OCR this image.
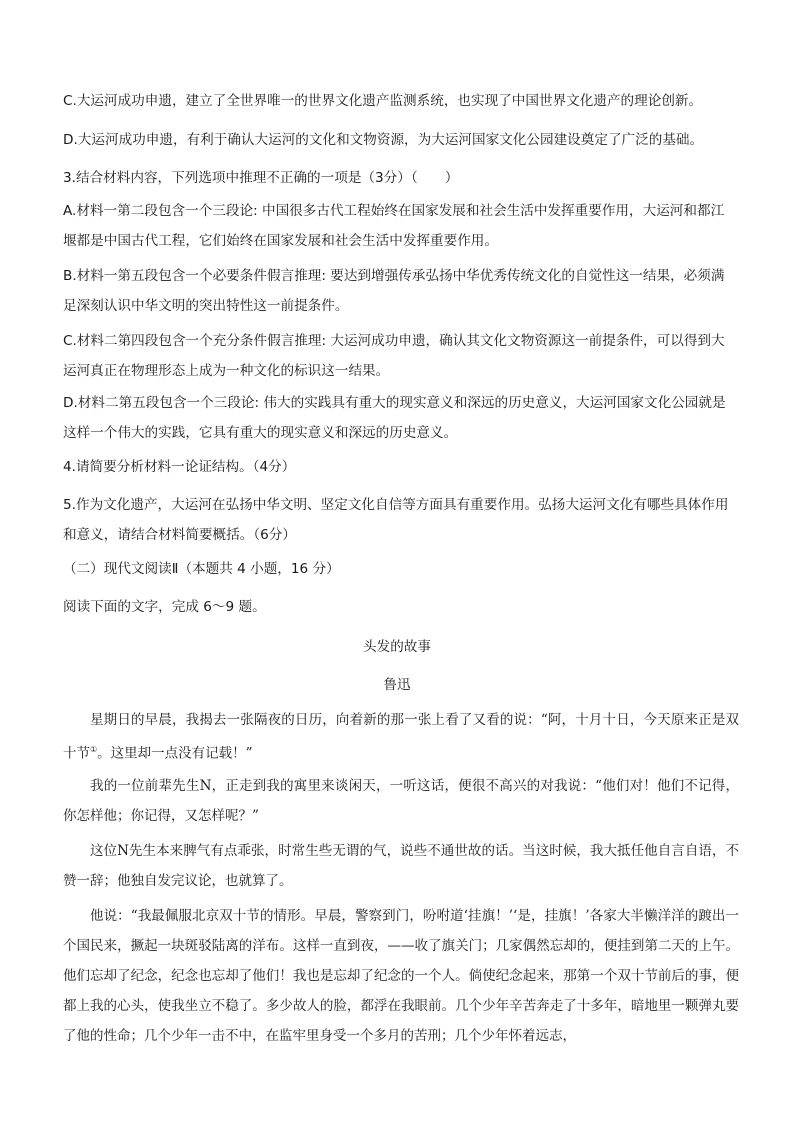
C.大运河成功申遗，建立了全世界唯一的世界文化遗产监测系统，也实现了中国世界文化遗产的理论创新。

D.大运河成功申遗，有利于确认大运河的文化和文物资源，为大运河国家文化公园建设奠定了广泛的基础。

3.结合材料内容，下列选项中推理不正确的一项是（3分）（　　）

A.材料一第二段包含一个三段论: 中国很多古代工程始终在国家发展和社会生活中发挥重要作用，大运河和都江堰都是中国古代工程，它们始终在国家发展和社会生活中发挥重要作用。

B.材料一第五段包含一个必要条件假言推理: 要达到增强传承弘扬中华优秀传统文化的自觉性这一结果，必须满足深刻认识中华文明的突出特性这一前提条件。

C.材料二第四段包含一个充分条件假言推理: 大运河成功申遗，确认其文化文物资源这一前提条件，可以得到大运河真正在物理形态上成为一种文化的标识这一结果。

D.材料二第五段包含一个三段论: 伟大的实践具有重大的现实意义和深远的历史意义，大运河国家文化公园就是这样一个伟大的实践，它具有重大的现实意义和深远的历史意义。

4.请简要分析材料一论证结构。（4分）

5.作为文化遗产，大运河在弘扬中华文明、坚定文化自信等方面具有重要作用。弘扬大运河文化有哪些具体作用和意义，请结合材料简要概括。（6分）

（二）现代文阅读Ⅱ（本题共 4 小题，16 分）

阅读下面的文字，完成 6～9 题。

头发的故事

鲁迅

星期日的早晨，我揭去一张隔夜的日历，向着新的那一张上看了又看的说：“阿，十月十日，今天原来正是双十节①。这里却一点没有记载！”

我的一位前辈先生N，正走到我的寓里来谈闲天，一听这话，便很不高兴的对我说：“他们对！他们不记得，你怎样他；你记得，又怎样呢？”

这位N先生本来脾气有点乖张，时常生些无谓的气，说些不通世故的话。当这时候，我大抵任他自言自语，不赞一辞；他独自发完议论，也就算了。

他说：“我最佩服北京双十节的情形。早晨，警察到门，吩咐道‘挂旗！’‘是，挂旗！’各家大半懒洋洋的踱出一个国民来，撅起一块斑驳陆离的洋布。这样一直到夜，——收了旗关门；几家偶然忘却的，便挂到第二天的上午。他们忘却了纪念，纪念也忘却了他们！我也是忘却了纪念的一个人。倘使纪念起来，那第一个双十节前后的事，便都上我的心头，使我坐立不稳了。多少故人的脸，都浮在我眼前。几个少年辛苦奔走了十多年，暗地里一颗弹丸要了他的性命；几个少年一击不中，在监牢里身受一个多月的苦刑；几个少年怀着远志，
